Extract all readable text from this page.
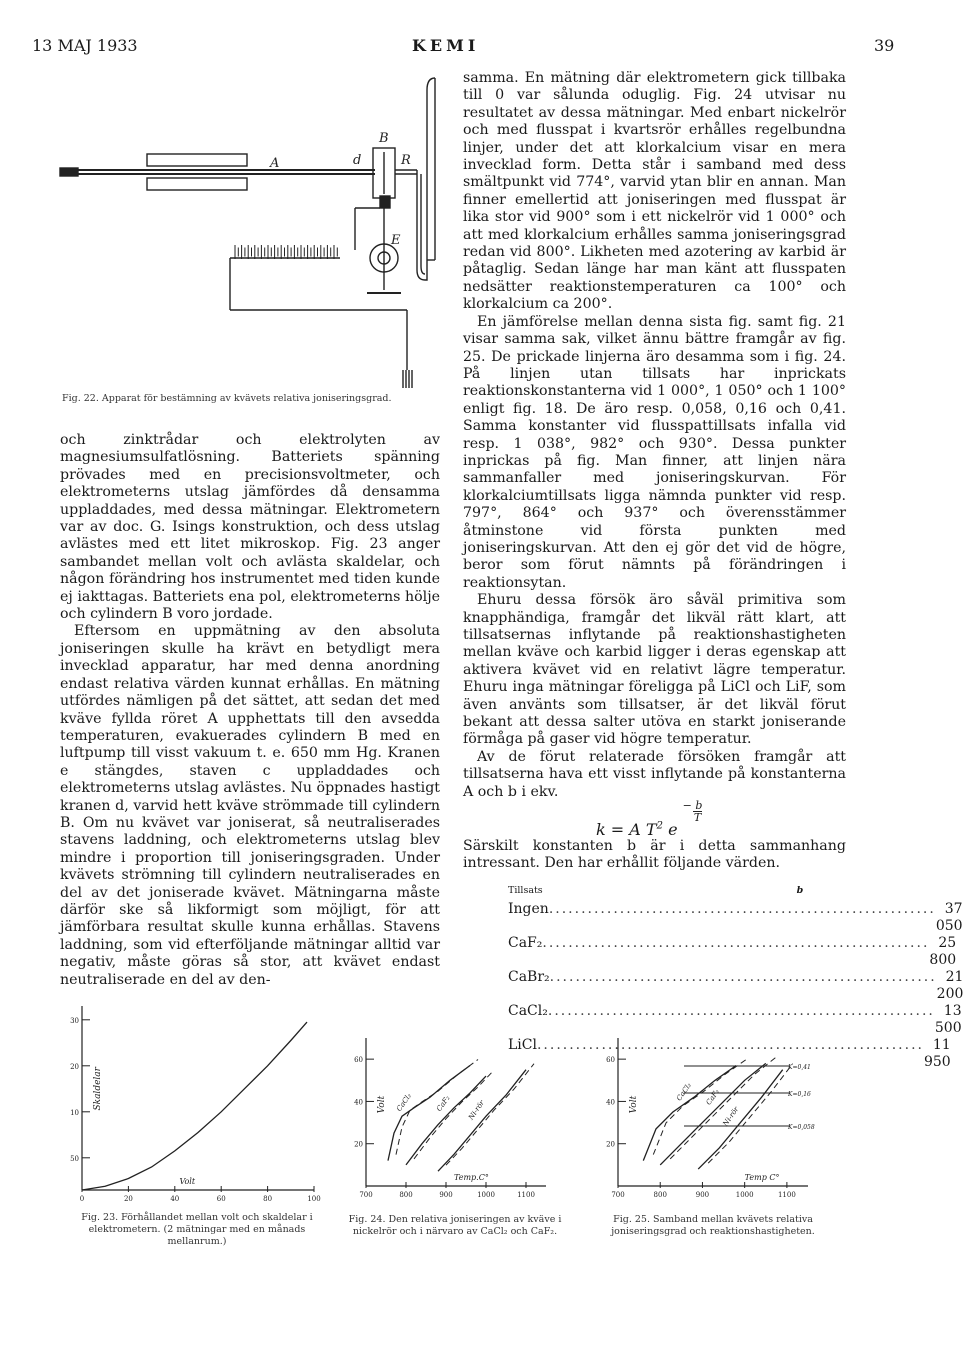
13 MAJ 1933	KEMI	39
A
B
d	R
E
Fig. 22. Apparat för bestämning av kvävets relativa joniseringsgrad.

och zinktrådar och elektrolyten av magnesiumsulfatlösning. Batteriets spänning prövades med en precisionsvoltmeter, och elektrometerns utslag jämfördes då densamma uppladdades, med dessa mätningar. Elektrometern var av doc. G. Isings konstruktion, och dess utslag avlästes med ett litet mikroskop. Fig. 23 anger sambandet mellan volt och avlästa skaldelar, och någon förändring hos instrumentet med tiden kunde ej iakttagas. Batteriets ena pol, elektrometerns hölje och cylindern B voro jordade.

Eftersom en uppmätning av den absoluta joniseringen skulle ha krävt en betydligt mera invecklad apparatur, har med denna anordning endast relativa värden kunnat erhållas. En mätning utfördes nämligen på det sättet, att sedan det med kväve fyllda röret A upphettats till den avsedda temperaturen, evakuerades cylindern B med en luftpump till visst vakuum t. e. 650 mm Hg. Kranen e stängdes, staven c uppladdades och elektrometerns utslag avlästes. Nu öppnades hastigt kranen d, varvid hett kväve strömmade till cylindern B. Om nu kvävet var joniserat, så neutraliserades stavens laddning, och elektrometerns utslag blev mindre i proportion till joniseringsgraden. Under kvävets strömning till cylindern neutraliserades en del av det joniserade kvävet. Mätningarna måste därför ske så likformigt som möjligt, för att jämförbara resultat skulle kunna erhållas. Stavens laddning, som vid efterföljande mätningar alltid var negativ, måste göras så stor, att kvävet endast neutraliserade en del av den-

samma. En mätning där elektrometern gick tillbaka till 0 var sålunda oduglig. Fig. 24 utvisar nu resultatet av dessa mätningar. Med enbart nickelrör och med flusspat i kvartsrör erhålles regelbundna linjer, under det att klorkalcium visar en mera invecklad form. Detta står i samband med dess smältpunkt vid 774°, varvid ytan blir en annan. Man finner emellertid att joniseringen med flusspat är lika stor vid 900° som i ett nickelrör vid 1 000° och att med klorkalcium erhålles samma joniseringsgrad redan vid 800°. Likheten med azotering av karbid är påtaglig. Sedan länge har man känt att flusspaten nedsätter reaktionstemperaturen ca 100° och klorkalcium ca 200°.

En jämförelse mellan denna sista fig. samt fig. 21 visar samma sak, vilket ännu bättre framgår av fig. 25. De prickade linjerna äro desamma som i fig. 24. På linjen utan tillsats har inprickats reaktionskonstanterna vid 1 000°, 1 050° och 1 100° enligt fig. 18. De äro resp. 0,058, 0,16 och 0,41. Samma konstanter vid flusspattillsats infalla vid resp. 1 038°, 982° och 930°. Dessa punkter inprickas på fig. Man finner, att linjen nära sammanfaller med joniseringskurvan. För klorkalciumtillsats ligga nämnda punkter vid resp. 797°, 864° och 937° och överensstämmer åtminstone vid första punkten med joniseringskurvan. Att den ej gör det vid de högre, beror som förut nämnts på förändringen i reaktionsytan.

Ehuru dessa försök äro såväl primitiva som knapphändiga, framgår det likväl rätt klart, att tillsatsernas inflytande på reaktionshastigheten mellan kväve och karbid ligger i deras egenskap att aktivera kvävet vid en relativt lägre temperatur. Ehuru inga mätningar föreligga på LiCl och LiF, som även använts som tillsatser, är det likväl förut bekant att dessa salter utöva en starkt joniserande förmåga på gaser vid högre temperatur.

Av de förut relaterade försöken framgår att tillsatserna hava ett visst inflytande på konstanterna A och b i ekv.

k = A $T^2$ e
$\frac{- b}{T}$
Särskilt konstanten b är i detta sammanhang intressant. Den har erhållit följande värden.
Tillsats	b
Ingen ............................................................ 37 050
CaF₂ ............................................................ 25 800
CaBr₂ ............................................................ 21 200
CaCl₂ ............................................................ 13 500
LiCl ............................................................ 11 950
0	20	40	60	80	100
30
20
10
50
Skaldelar
Volt
Fig. 23. Förhållandet mellan volt och skaldelar i elektrometern. (2 mätningar med en månads mellanrum.)
700	800	900	1000	1100
60
40
20
Volt
Temp.C°
CaCl₂	CaF₂ Ni-rör
Fig. 24. Den relativa joniseringen av kväve i nickelrör och i närvaro av CaCl₂ och CaF₂.
700	800	900	1000	1100
60
40
20
Volt
Temp C°
CaCl₂ CaF₂
Ni-rör
K=0,41
K=0,16
K=0,058
Fig. 25. Samband mellan kvävets relativa joniseringsgrad och reaktionshastigheten.
